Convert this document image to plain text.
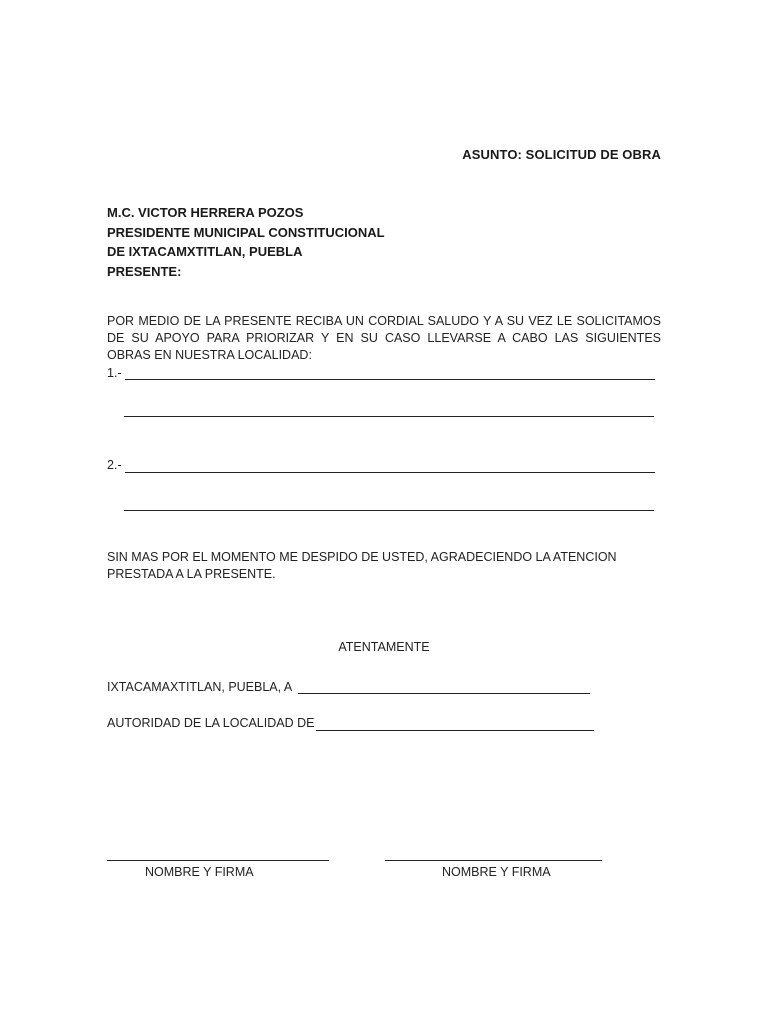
ASUNTO: SOLICITUD DE OBRA
M.C. VICTOR HERRERA POZOS
PRESIDENTE MUNICIPAL CONSTITUCIONAL
DE IXTACAMXTITLAN, PUEBLA
PRESENTE:
POR MEDIO DE LA PRESENTE RECIBA UN CORDIAL SALUDO Y A SU VEZ LE SOLICITAMOS DE SU APOYO PARA PRIORIZAR Y EN SU CASO LLEVARSE A CABO LAS SIGUIENTES OBRAS EN NUESTRA LOCALIDAD:
1.-
2.-
SIN MAS POR EL MOMENTO ME DESPIDO DE USTED, AGRADECIENDO LA ATENCION PRESTADA A LA PRESENTE.
ATENTAMENTE
IXTACAMAXTITLAN, PUEBLA, A
AUTORIDAD DE LA LOCALIDAD DE
NOMBRE Y FIRMA	NOMBRE Y FIRMA
